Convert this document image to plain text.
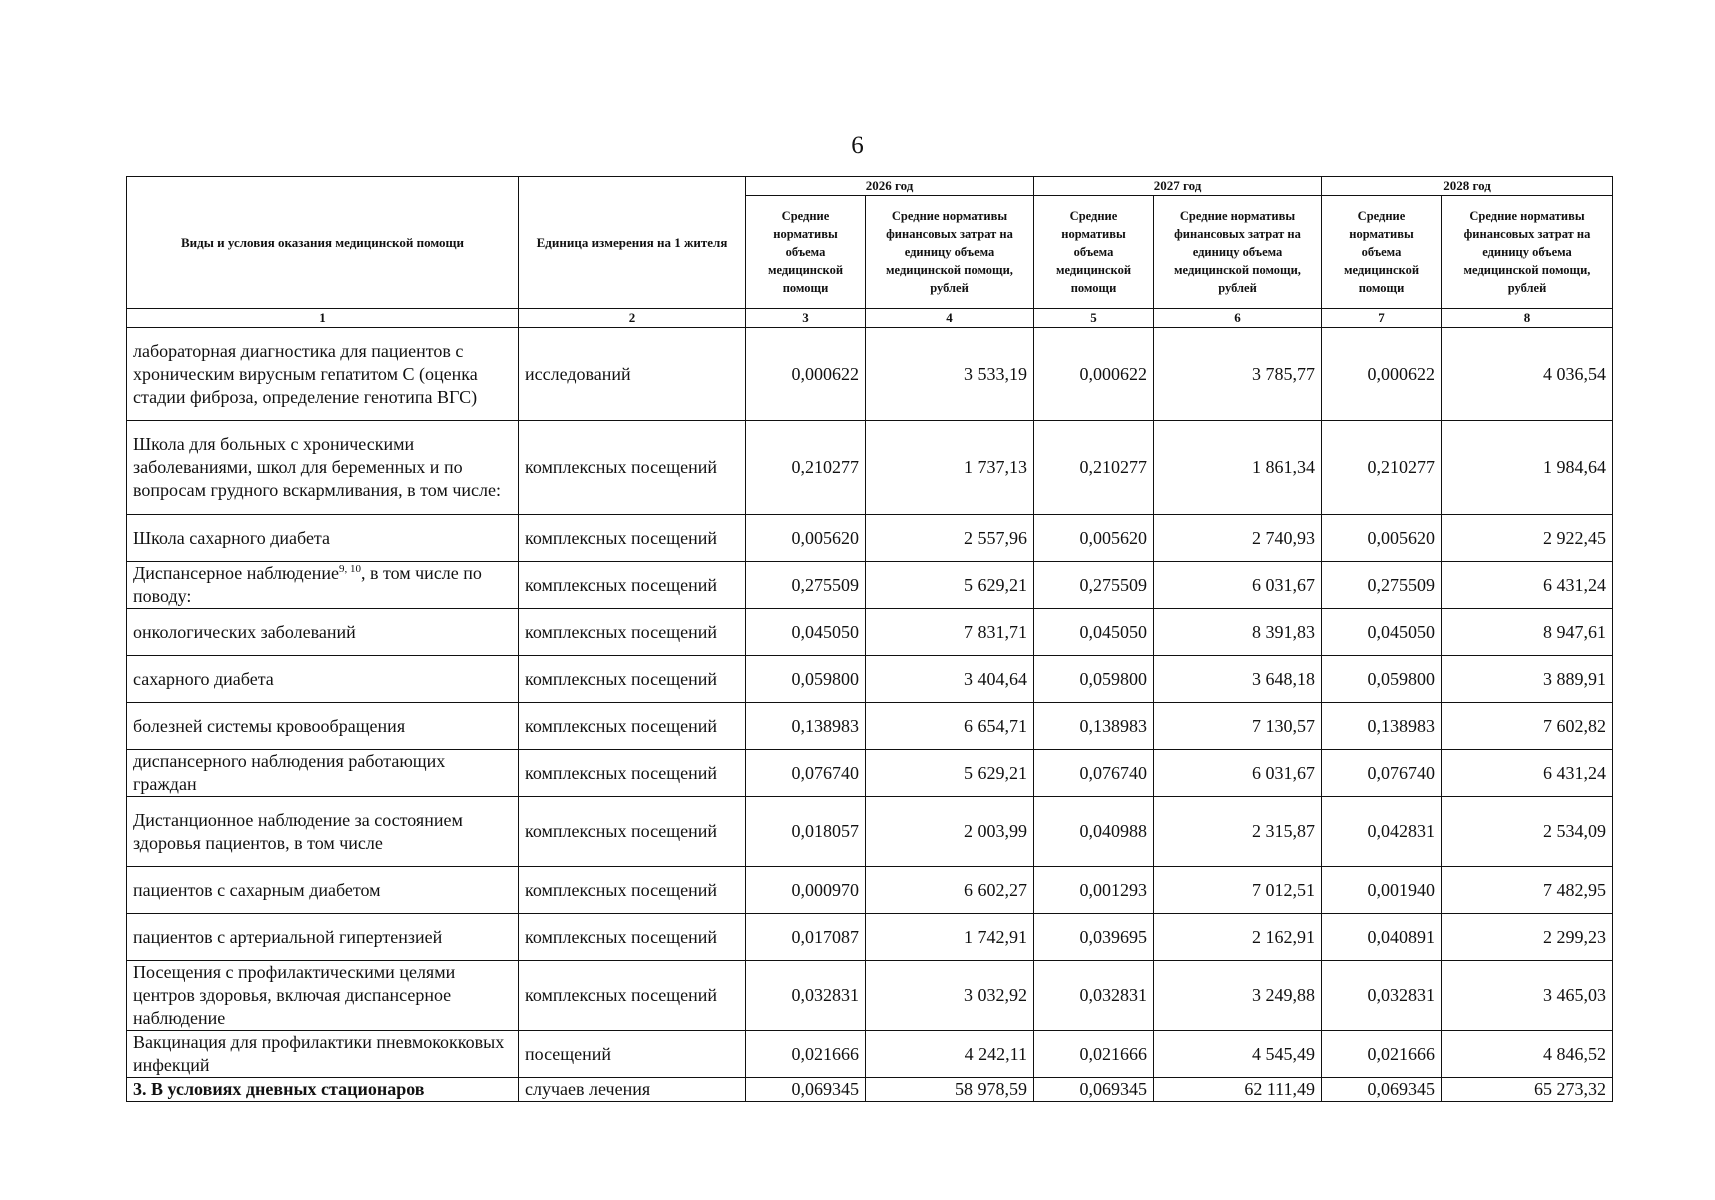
6
Виды и условия оказания медицинской помощи	Единица измерения на 1 жителя	2026 год		2027 год		2028 год	
		Средние нормативы объема медицинской помощи	Средние нормативы финансовых затрат на единицу объема медицинской помощи, рублей	Средние нормативы объема медицинской помощи	Средние нормативы финансовых затрат на единицу объема медицинской помощи, рублей	Средние нормативы объема медицинской помощи	Средние нормативы финансовых затрат на единицу объема медицинской помощи, рублей
1	2	3	4	5	6	7	8
лабораторная диагностика для пациентов с хроническим вирусным гепатитом С (оценка стадии фиброза, определение генотипа ВГС)	исследований	0,000622	3 533,19	0,000622	3 785,77	0,000622	4 036,54
Школа для больных с хроническими заболеваниями, школ для беременных и по вопросам грудного вскармливания, в том числе:	комплексных посещений	0,210277	1 737,13	0,210277	1 861,34	0,210277	1 984,64
Школа сахарного диабета	комплексных посещений	0,005620	2 557,96	0,005620	2 740,93	0,005620	2 922,45
Диспансерное наблюдение$^{9, 10}$, в том числе по поводу:	комплексных посещений	0,275509	5 629,21	0,275509	6 031,67	0,275509	6 431,24
онкологических заболеваний	комплексных посещений	0,045050	7 831,71	0,045050	8 391,83	0,045050	8 947,61
сахарного диабета	комплексных посещений	0,059800	3 404,64	0,059800	3 648,18	0,059800	3 889,91
болезней системы кровообращения	комплексных посещений	0,138983	6 654,71	0,138983	7 130,57	0,138983	7 602,82
диспансерного наблюдения работающих граждан	комплексных посещений	0,076740	5 629,21	0,076740	6 031,67	0,076740	6 431,24
Дистанционное наблюдение за состоянием здоровья пациентов, в том числе	комплексных посещений	0,018057	2 003,99	0,040988	2 315,87	0,042831	2 534,09
пациентов с сахарным диабетом	комплексных посещений	0,000970	6 602,27	0,001293	7 012,51	0,001940	7 482,95
пациентов с артериальной гипертензией	комплексных посещений	0,017087	1 742,91	0,039695	2 162,91	0,040891	2 299,23
Посещения с профилактическими целями центров здоровья, включая диспансерное наблюдение	комплексных посещений	0,032831	3 032,92	0,032831	3 249,88	0,032831	3 465,03
Вакцинация для профилактики пневмококковых инфекций	посещений	0,021666	4 242,11	0,021666	4 545,49	0,021666	4 846,52
3. В условиях дневных стационаров	случаев лечения	0,069345	58 978,59	0,069345	62 111,49	0,069345	65 273,32
